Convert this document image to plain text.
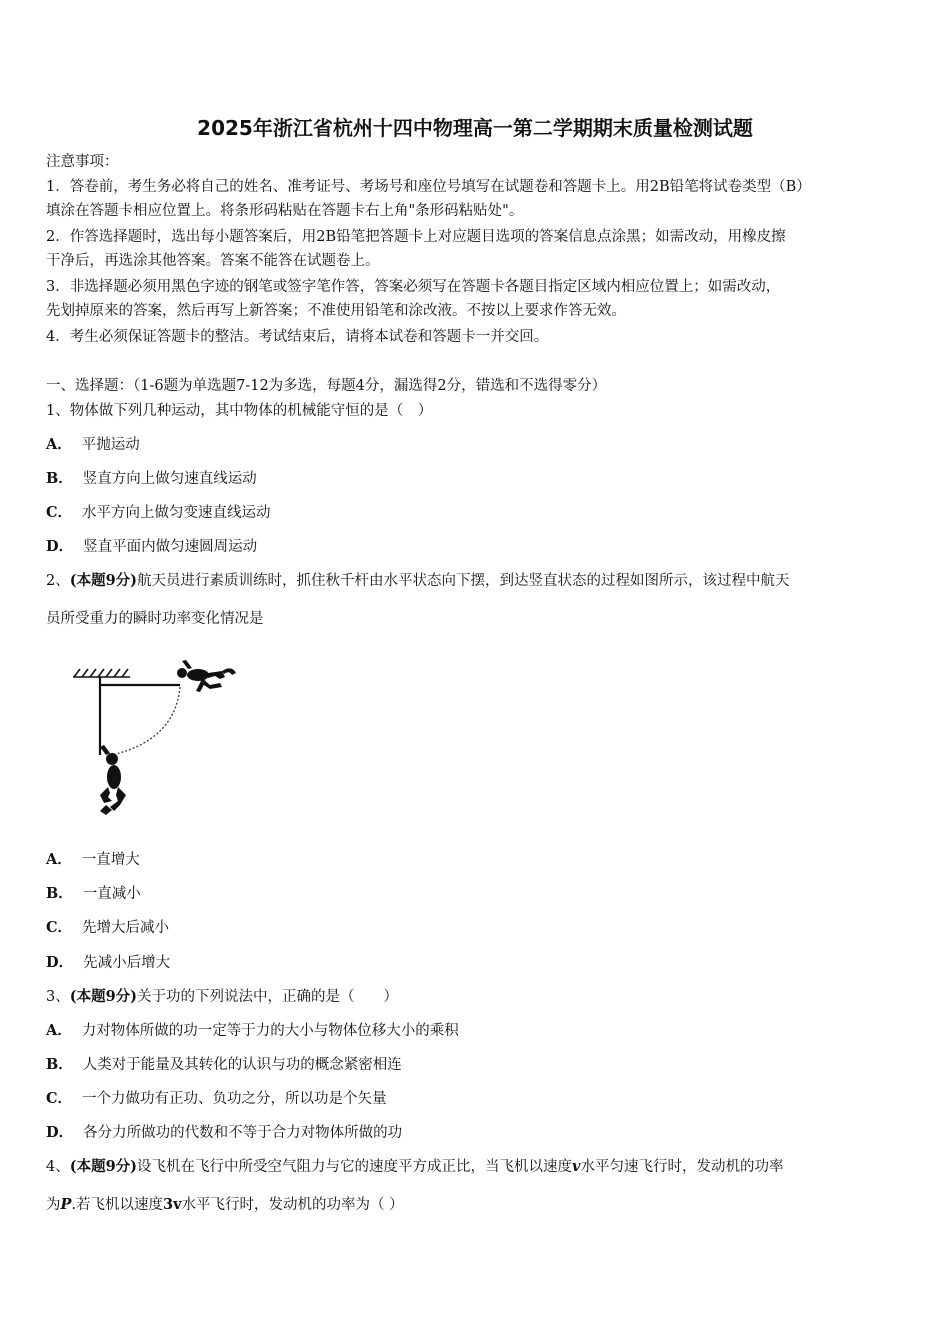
2025年浙江省杭州十四中物理高一第二学期期末质量检测试题
注意事项：
1．答卷前，考生务必将自己的姓名、准考证号、考场号和座位号填写在试题卷和答题卡上。用2B铅笔将试卷类型（B）
填涂在答题卡相应位置上。将条形码粘贴在答题卡右上角"条形码粘贴处"。
2．作答选择题时，选出每小题答案后，用2B铅笔把答题卡上对应题目选项的答案信息点涂黑；如需改动，用橡皮擦
干净后，再选涂其他答案。答案不能答在试题卷上。
3．非选择题必须用黑色字迹的钢笔或签字笔作答，答案必须写在答题卡各题目指定区域内相应位置上；如需改动，
先划掉原来的答案，然后再写上新答案；不准使用铅笔和涂改液。不按以上要求作答无效。
4．考生必须保证答题卡的整洁。考试结束后，请将本试卷和答题卡一并交回。
一、选择题：（1-6题为单选题7-12为多选，每题4分，漏选得2分，错选和不选得零分）
1、物体做下列几种运动，其中物体的机械能守恒的是（　）
A． 平抛运动
B． 竖直方向上做匀速直线运动
C． 水平方向上做匀变速直线运动
D． 竖直平面内做匀速圆周运动
2、(本题9分)航天员进行素质训练时，抓住秋千杆由水平状态向下摆，到达竖直状态的过程如图所示，该过程中航天
员所受重力的瞬时功率变化情况是
A． 一直增大
B． 一直减小
C． 先增大后减小
D． 先减小后增大
3、(本题9分)关于功的下列说法中，正确的是（　　）
A． 力对物体所做的功一定等于力的大小与物体位移大小的乘积
B． 人类对于能量及其转化的认识与功的概念紧密相连
C． 一个力做功有正功、负功之分，所以功是个矢量
D． 各分力所做功的代数和不等于合力对物体所做的功
4、(本题9分)设飞机在飞行中所受空气阻力与它的速度平方成正比，当飞机以速度v水平匀速飞行时，发动机的功率
为P.若飞机以速度3v水平飞行时，发动机的功率为（ ）
